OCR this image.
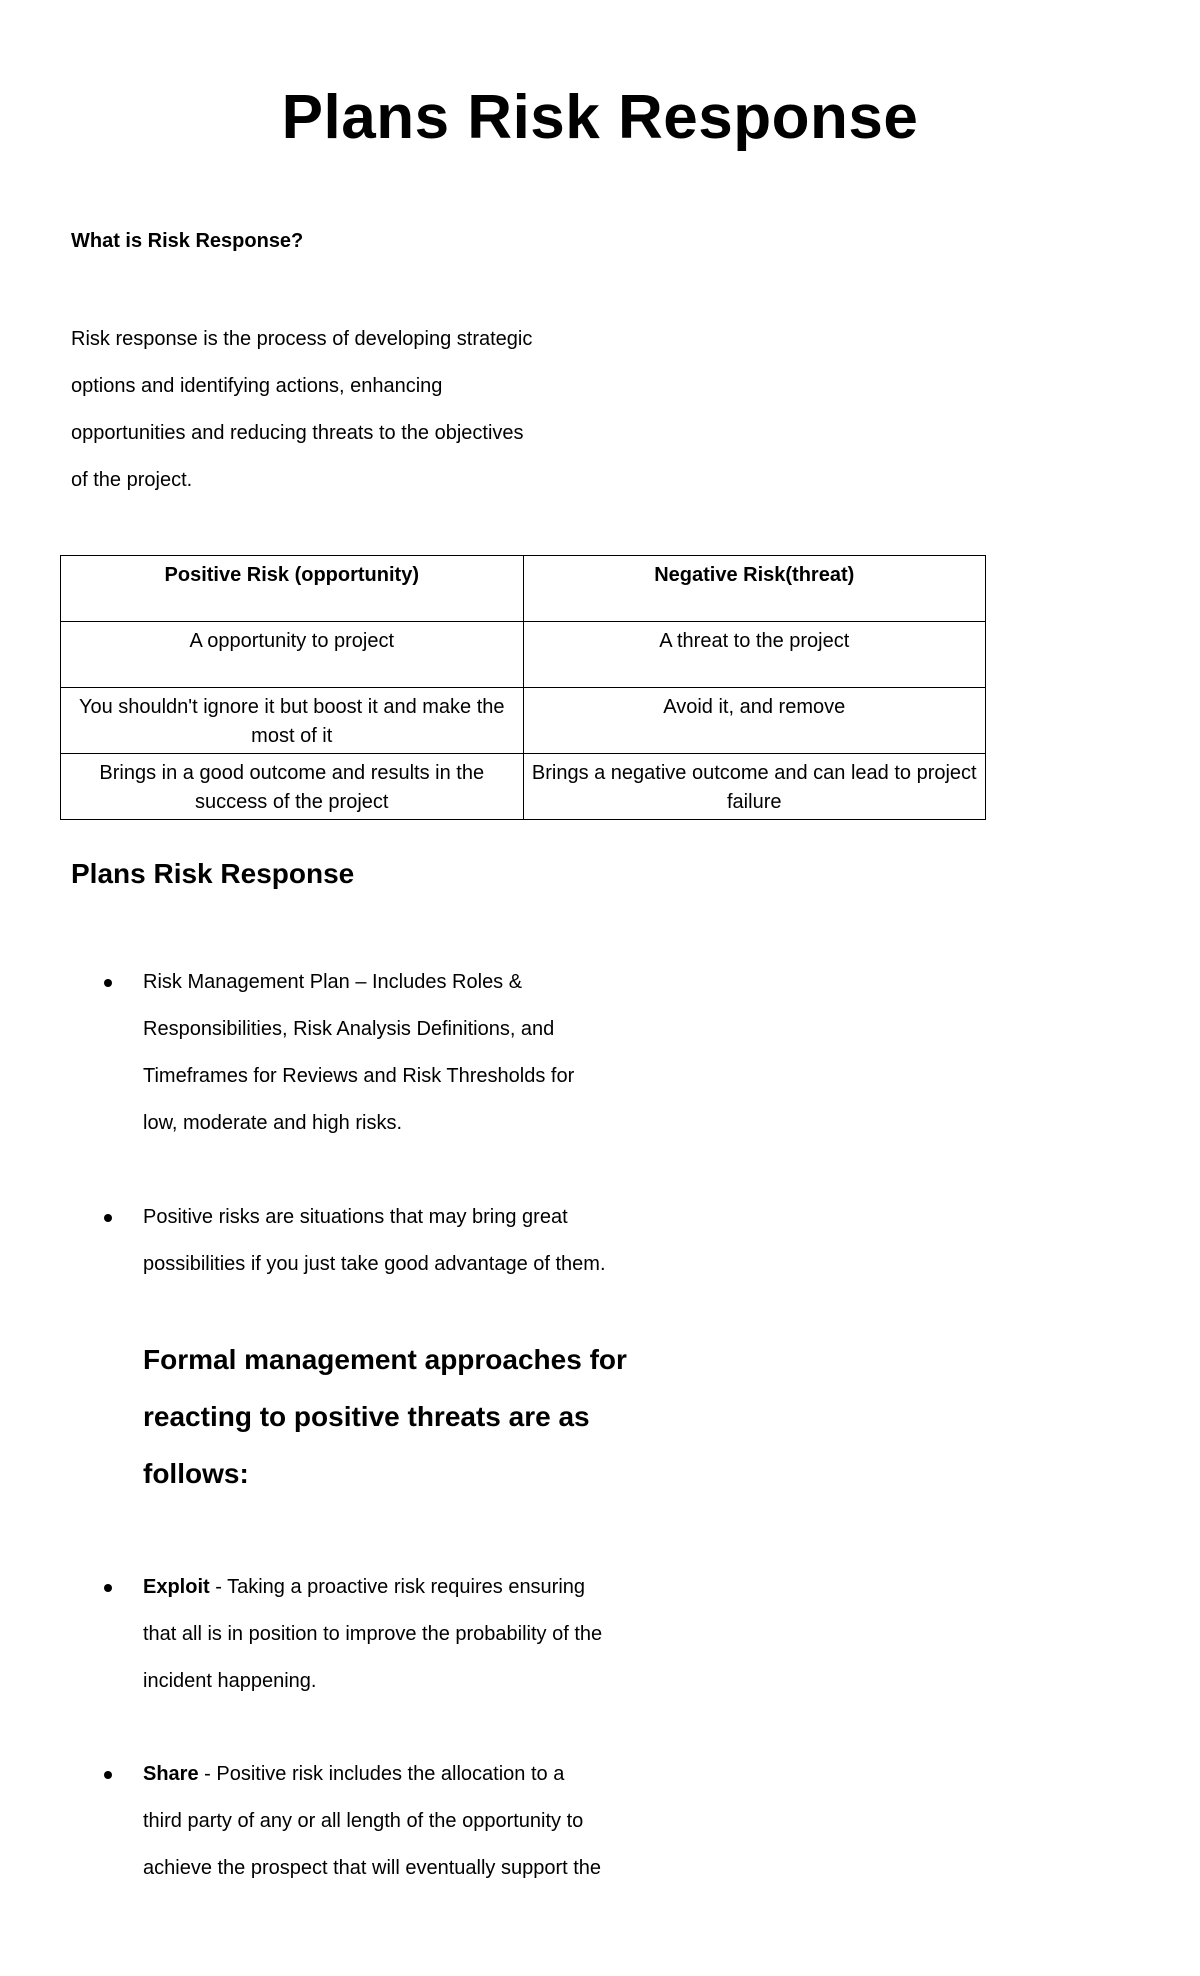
Plans Risk Response
What is Risk Response?
Risk response is the process of developing strategic
options and identifying actions, enhancing
opportunities and reducing threats to the objectives
of the project.
Positive Risk (opportunity)	Negative Risk(threat)
A opportunity to project	A threat to the project
You shouldn't ignore it but boost it and make the most of it	Avoid it, and remove
Brings in a good outcome and results in the success of the project	Brings a negative outcome and can lead to project failure
Plans Risk Response
Risk Management Plan – Includes Roles &
Responsibilities, Risk Analysis Definitions, and
Timeframes for Reviews and Risk Thresholds for
low, moderate and high risks.
Positive risks are situations that may bring great
possibilities if you just take good advantage of them.
Formal management approaches for
reacting to positive threats are as
follows:
Exploit - Taking a proactive risk requires ensuring
that all is in position to improve the probability of the
incident happening.
Share - Positive risk includes the allocation to a
third party of any or all length of the opportunity to
achieve the prospect that will eventually support the
